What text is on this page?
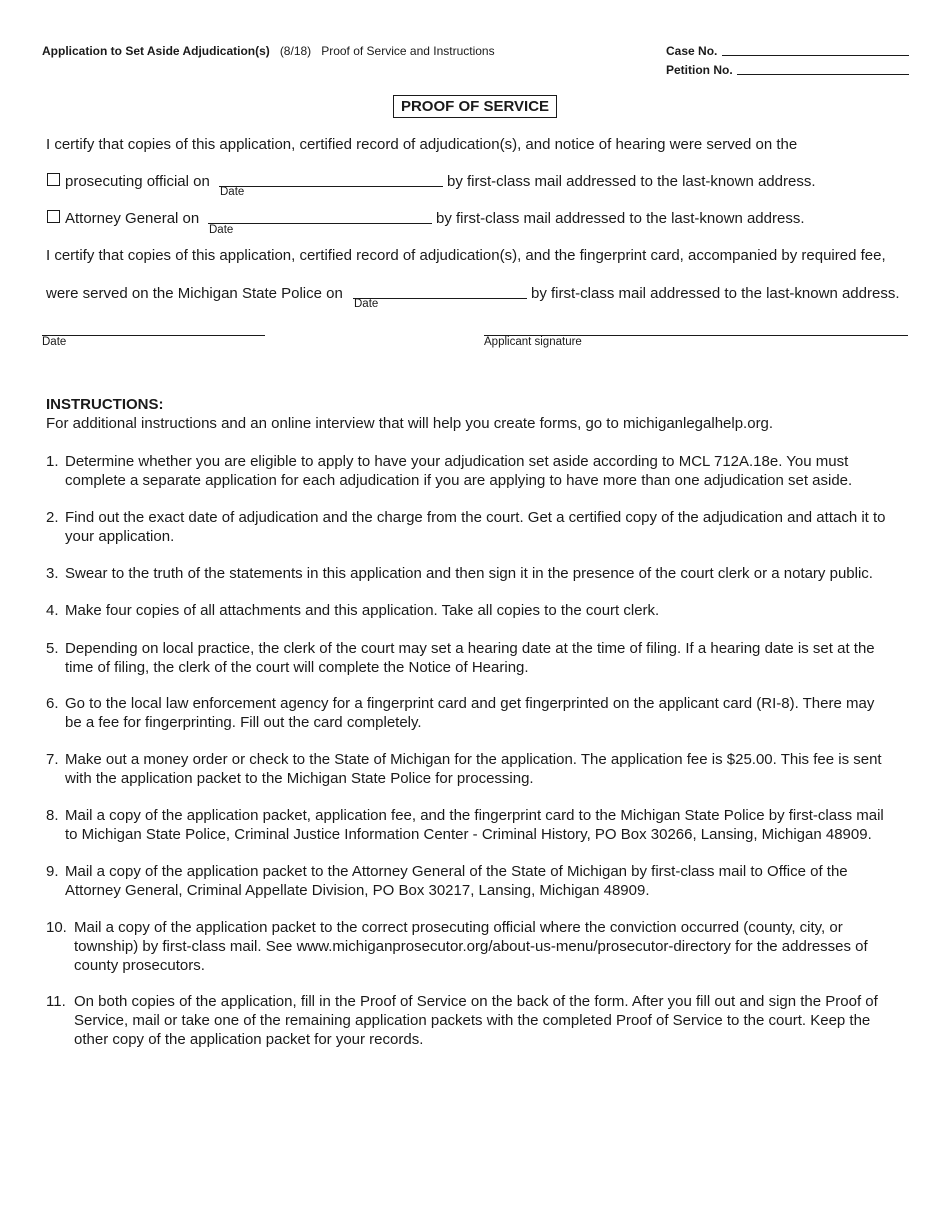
Application to Set Aside Adjudication(s) (8/18) Proof of Service and Instructions	Case No.
Petition No.
PROOF OF SERVICE
I certify that copies of this application, certified record of adjudication(s), and notice of hearing were served on the
prosecuting official on
Date
by first-class mail addressed to the last-known address.
Attorney General on
Date
by first-class mail addressed to the last-known address.
I certify that copies of this application, certified record of adjudication(s), and the fingerprint card, accompanied by required fee,
were served on the Michigan State Police on
Date
by first-class mail addressed to the last-known address.
Date	Applicant signature
INSTRUCTIONS:
For additional instructions and an online interview that will help you create forms, go to michiganlegalhelp.org.
1. Determine whether you are eligible to apply to have your adjudication set aside according to MCL 712A.18e. You must
complete a separate application for each adjudication if you are applying to have more than one adjudication set aside.
2. Find out the exact date of adjudication and the charge from the court. Get a certified copy of the adjudication and attach it to
your application.
3. Swear to the truth of the statements in this application and then sign it in the presence of the court clerk or a notary public.
4. Make four copies of all attachments and this application. Take all copies to the court clerk.
5. Depending on local practice, the clerk of the court may set a hearing date at the time of filing. If a hearing date is set at the
time of filing, the clerk of the court will complete the Notice of Hearing.
6. Go to the local law enforcement agency for a fingerprint card and get fingerprinted on the applicant card (RI-8). There may
be a fee for fingerprinting. Fill out the card completely.
7. Make out a money order or check to the State of Michigan for the application. The application fee is $25.00. This fee is sent
with the application packet to the Michigan State Police for processing.
8. Mail a copy of the application packet, application fee, and the fingerprint card to the Michigan State Police by first-class mail
to Michigan State Police, Criminal Justice Information Center - Criminal History, PO Box 30266, Lansing, Michigan 48909.
9. Mail a copy of the application packet to the Attorney General of the State of Michigan by first-class mail to Office of the
Attorney General, Criminal Appellate Division, PO Box 30217, Lansing, Michigan 48909.
10. Mail a copy of the application packet to the correct prosecuting official where the conviction occurred (county, city, or
township) by first-class mail. See www.michiganprosecutor.org/about-us-menu/prosecutor-directory for the addresses of
county prosecutors.
11. On both copies of the application, fill in the Proof of Service on the back of the form. After you fill out and sign the Proof of
Service, mail or take one of the remaining application packets with the completed Proof of Service to the court. Keep the
other copy of the application packet for your records.
